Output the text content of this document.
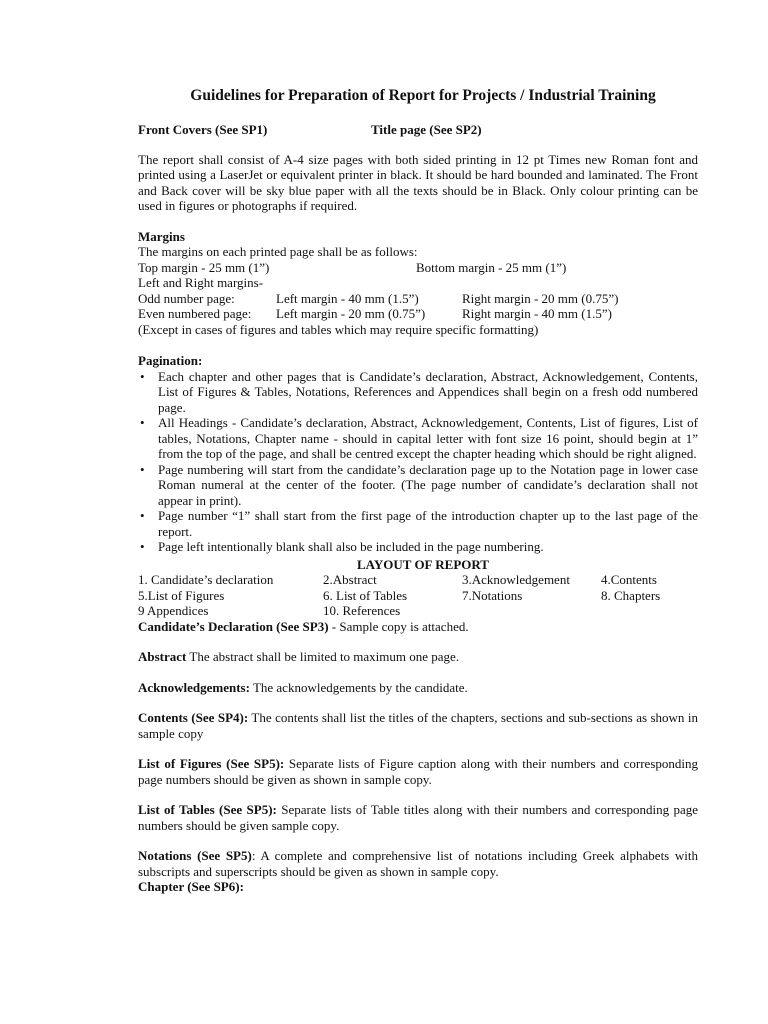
Guidelines for Preparation of Report for Projects / Industrial Training
Front Covers (See SP1)	Title page (See SP2)

The report shall consist of A-4 size pages with both sided printing in 12 pt Times new Roman font and printed using a LaserJet or equivalent printer in black. It should be hard bounded and laminated. The Front and Back cover will be sky blue paper with all the texts should be in Black. Only colour printing can be used in figures or photographs if required.

Margins
The margins on each printed page shall be as follows:
Top margin - 25 mm (1”)	Bottom margin - 25 mm (1”)
Left and Right margins-
Odd number page:	Left margin - 40 mm (1.5”)	Right margin - 20 mm (0.75”)
Even numbered page:	Left margin - 20 mm (0.75”)	Right margin - 40 mm (1.5”)
(Except in cases of figures and tables which may require specific formatting)
Pagination:
• Each chapter and other pages that is Candidate’s declaration, Abstract, Acknowledgement, Contents, List of Figures & Tables, Notations, References and Appendices shall begin on a fresh odd numbered page.
• All Headings - Candidate’s declaration, Abstract, Acknowledgement, Contents, List of figures, List of tables, Notations, Chapter name - should in capital letter with font size 16 point, should begin at 1” from the top of the page, and shall be centred except the chapter heading which should be right aligned.
• Page numbering will start from the candidate’s declaration page up to the Notation page in lower case Roman numeral at the center of the footer. (The page number of candidate’s declaration shall not appear in print).
• Page number “1” shall start from the first page of the introduction chapter up to the last page of the report.
• Page left intentionally blank shall also be included in the page numbering.
LAYOUT OF REPORT
1. Candidate’s declaration	2.Abstract	3.Acknowledgement	4.Contents
5.List of Figures	6. List of Tables	7.Notations	8. Chapters
9 Appendices	10. References

Candidate’s Declaration (See SP3) - Sample copy is attached.

Abstract The abstract shall be limited to maximum one page.

Acknowledgements: The acknowledgements by the candidate.

Contents (See SP4): The contents shall list the titles of the chapters, sections and sub-sections as shown in sample copy

List of Figures (See SP5): Separate lists of Figure caption along with their numbers and corresponding page numbers should be given as shown in sample copy.

List of Tables (See SP5): Separate lists of Table titles along with their numbers and corresponding page numbers should be given sample copy.

Notations (See SP5): A complete and comprehensive list of notations including Greek alphabets with subscripts and superscripts should be given as shown in sample copy.

Chapter (See SP6):
